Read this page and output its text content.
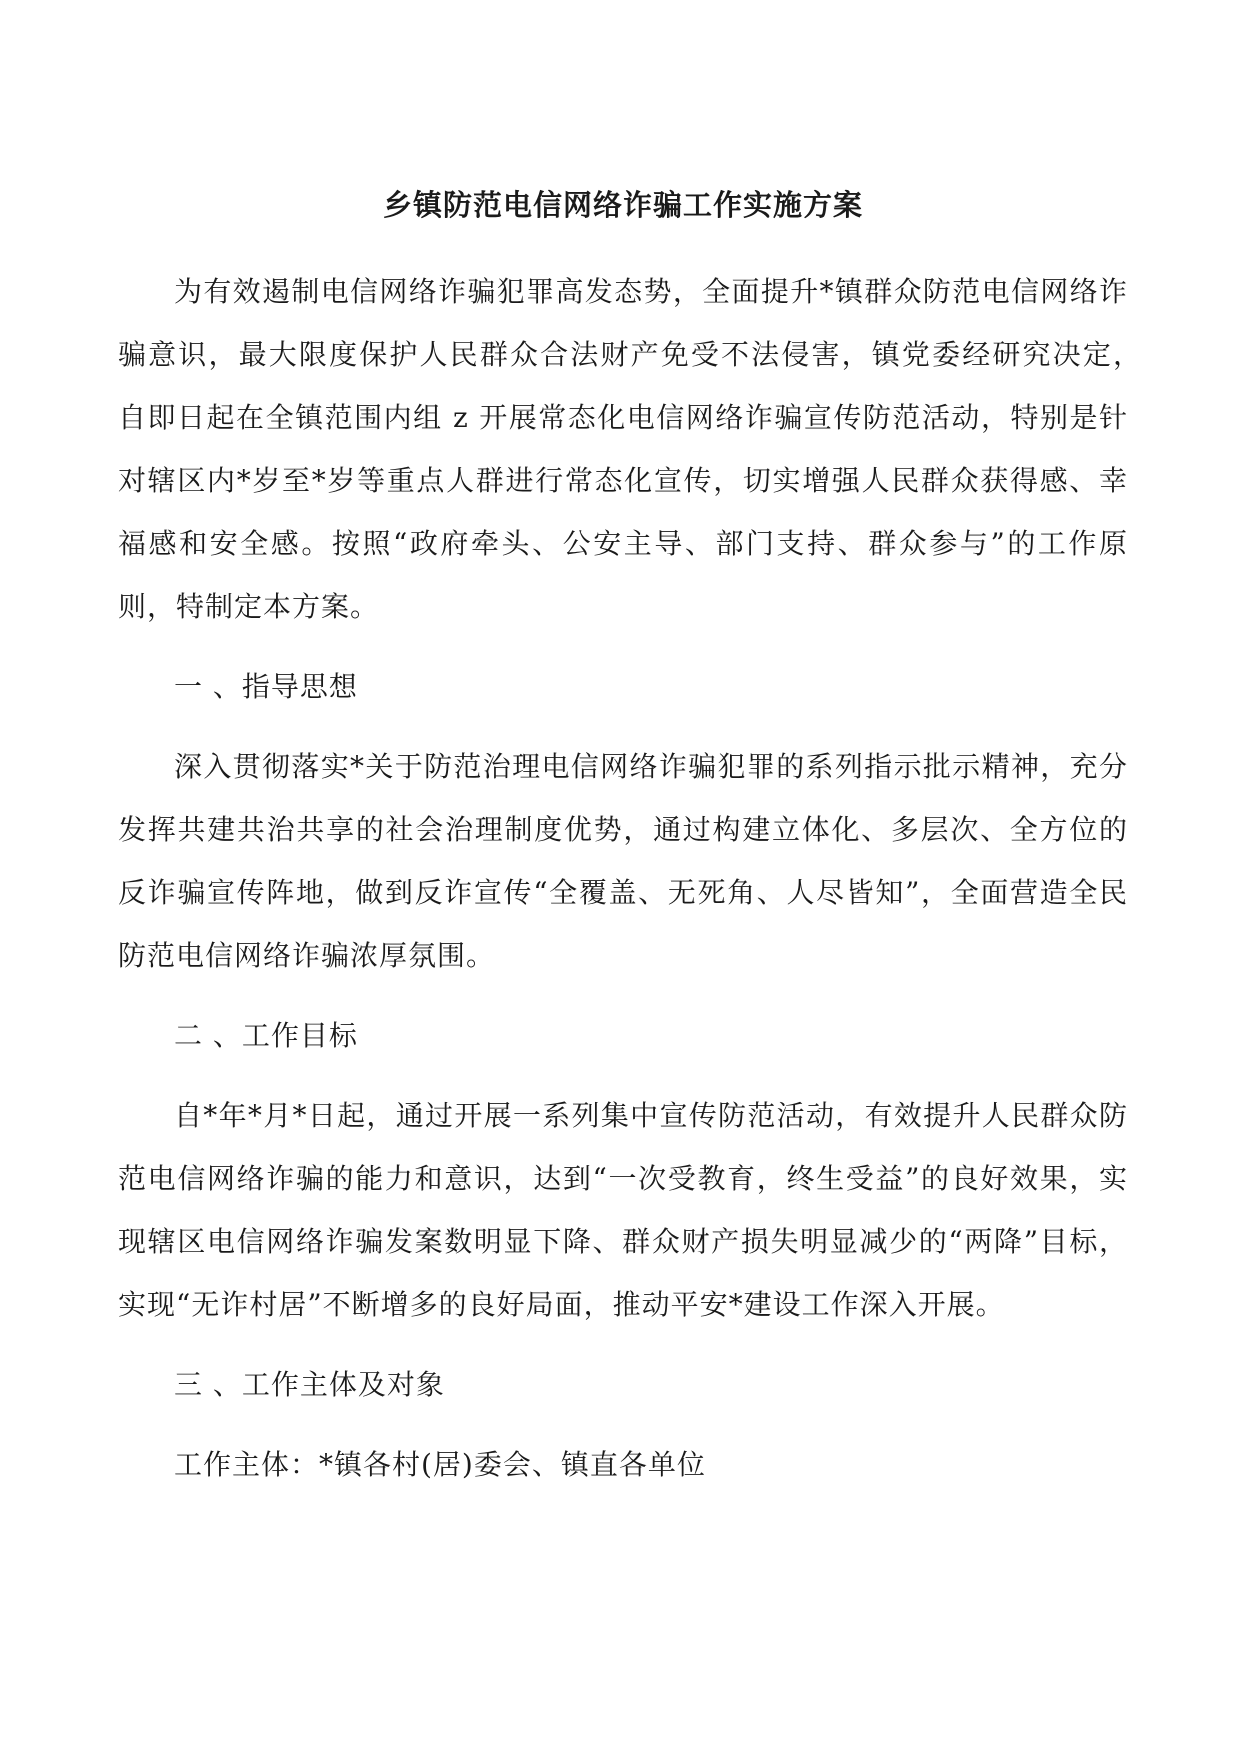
乡镇防范电信网络诈骗工作实施方案

为有效遏制电信网络诈骗犯罪高发态势，全面提升*镇群众防范电信网络诈骗意识，最大限度保护人民群众合法财产免受不法侵害，镇党委经研究决定，　自即日起在全镇范围内组 z 开展常态化电信网络诈骗宣传防范活动，特别是针对辖区内*岁至*岁等重点人群进行常态化宣传，切实增强人民群众获得感、幸福感和安全感。按照“政府牵头、公安主导、部门支持、群众参与”的工作原则，特制定本方案。

一 、指导思想

深入贯彻落实*关于防范治理电信网络诈骗犯罪的系列指示批示精神，充分发挥共建共治共享的社会治理制度优势，通过构建立体化、多层次、全方位的反诈骗宣传阵地，做到反诈宣传“全覆盖、无死角、人尽皆知”，全面营造全民防范电信网络诈骗浓厚氛围。

二 、工作目标

自*年*月*日起，通过开展一系列集中宣传防范活动，有效提升人民群众防范电信网络诈骗的能力和意识，达到“一次受教育，终生受益”的良好效果，实现辖区电信网络诈骗发案数明显下降、群众财产损失明显减少的“两降”目标，实现“无诈村居”不断增多的良好局面，推动平安*建设工作深入开展。

三 、工作主体及对象

工作主体：*镇各村(居)委会、镇直各单位
